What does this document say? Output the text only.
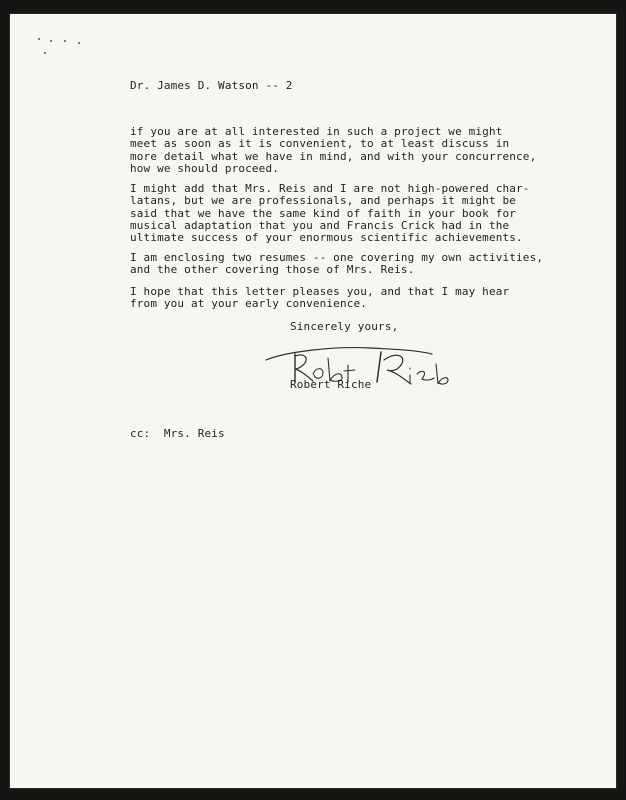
Dr. James D. Watson -- 2
if you are at all interested in such a project we might
meet as soon as it is convenient, to at least discuss in
more detail what we have in mind, and with your concurrence,
how we should proceed.
I might add that Mrs. Reis and I are not high-powered char-
latans, but we are professionals, and perhaps it might be
said that we have the same kind of faith in your book for
musical adaptation that you and Francis Crick had in the
ultimate success of your enormous scientific achievements.
I am enclosing two resumes -- one covering my own activities,
and the other covering those of Mrs. Reis.
I hope that this letter pleases you, and that I may hear
from you at your early convenience.
Sincerely yours,
Robert Riche
cc:  Mrs. Reis
